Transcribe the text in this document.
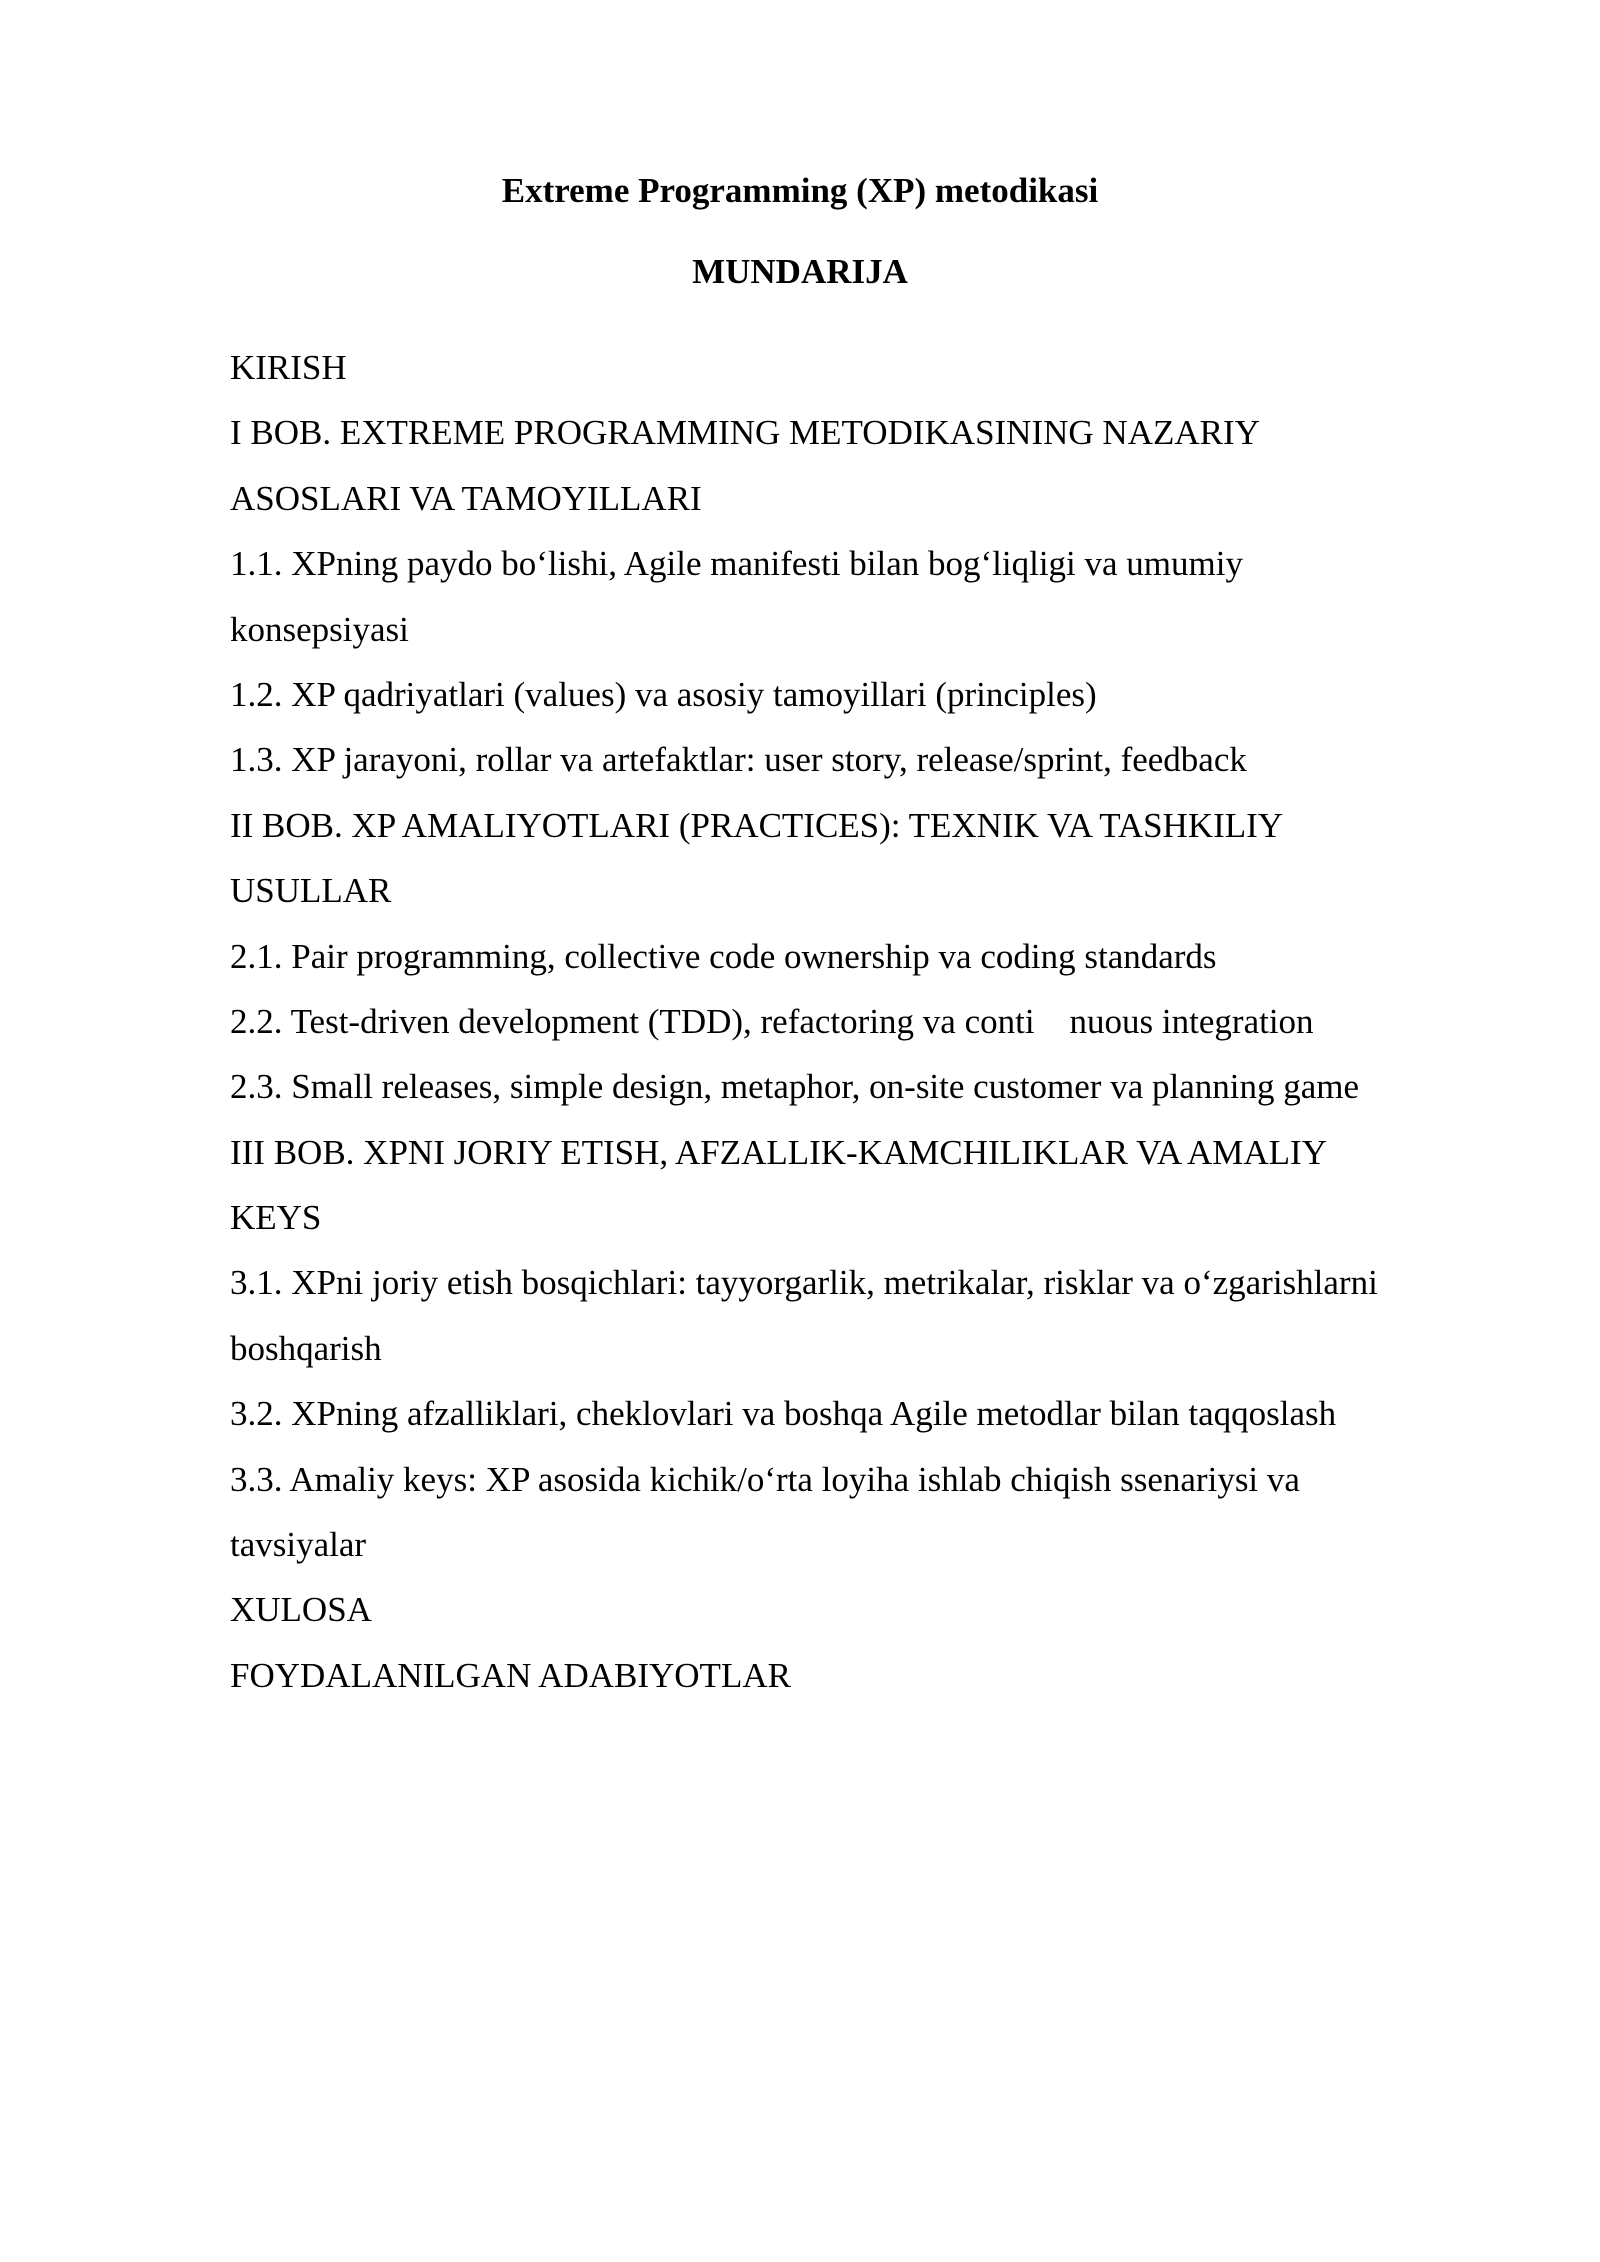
Extreme Programming (XP) metodikasi
MUNDARIJA
KIRISH
I BOB. EXTREME PROGRAMMING METODIKASINING NAZARIY
ASOSLARI VA TAMOYILLARI
1.1. XPning paydo bo‘lishi, Agile manifesti bilan bog‘liqligi va umumiy
konsepsiyasi
1.2. XP qadriyatlari (values) va asosiy tamoyillari (principles)
1.3. XP jarayoni, rollar va artefaktlar: user story, release/sprint, feedback
II BOB. XP AMALIYOTLARI (PRACTICES): TEXNIK VA TASHKILIY
USULLAR
2.1. Pair programming, collective code ownership va coding standards
2.2. Test-driven development (TDD), refactoring va conti    nuous integration
2.3. Small releases, simple design, metaphor, on-site customer va planning game
III BOB. XPNI JORIY ETISH, AFZALLIK-KAMCHILIKLAR VA AMALIY
KEYS
3.1. XPni joriy etish bosqichlari: tayyorgarlik, metrikalar, risklar va o‘zgarishlarni
boshqarish
3.2. XPning afzalliklari, cheklovlari va boshqa Agile metodlar bilan taqqoslash
3.3. Amaliy keys: XP asosida kichik/o‘rta loyiha ishlab chiqish ssenariysi va
tavsiyalar
XULOSA
FOYDALANILGAN ADABIYOTLAR
